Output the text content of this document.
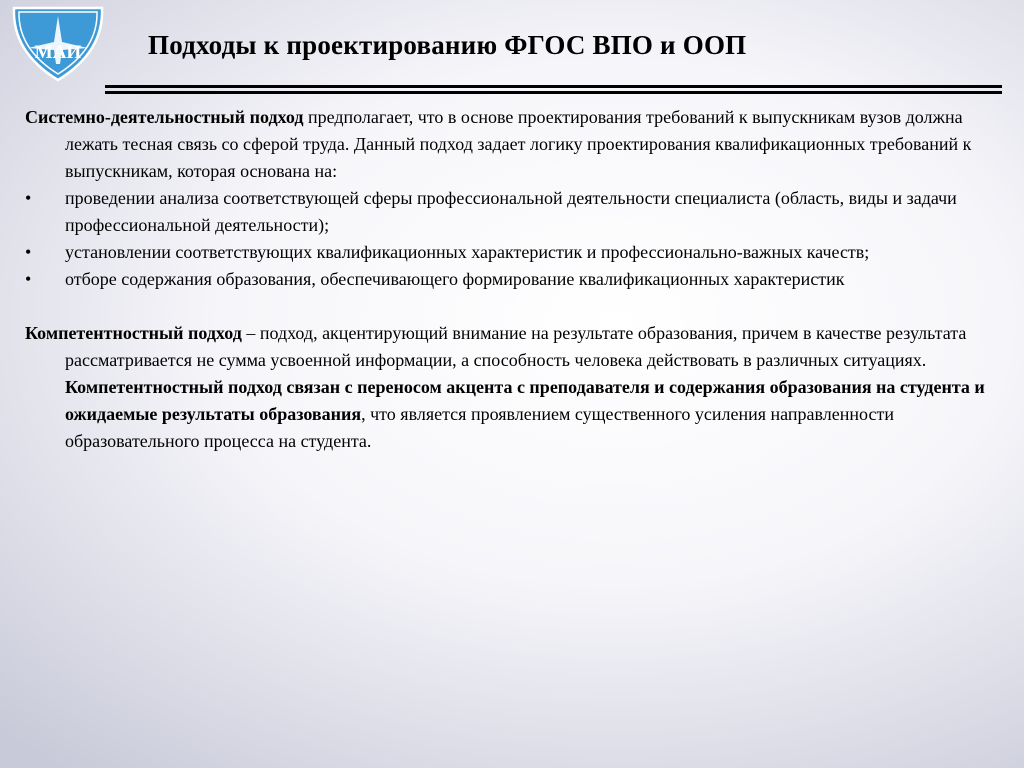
МАИ Подходы к проектированию ФГОС ВПО и ООП

Системно-деятельностный подход предполагает, что в основе проектирования требований к выпускникам вузов должна лежать тесная связь со сферой труда. Данный подход задает логику проектирования квалификационных требований к выпускникам, которая основана на:

•	проведении анализа соответствующей сферы профессиональной деятельности специалиста (область, виды и задачи профессиональной деятельности);
•	установлении соответствующих квалификационных характеристик и профессионально-важных качеств;
•	отборе содержания образования, обеспечивающего формирование квалификационных характеристик

Компетентностный подход – подход, акцентирующий внимание на результате образования, причем в качестве результата рассматривается не сумма усвоенной информации, а способность человека действовать в различных ситуациях. Компетентностный подход связан с переносом акцента с преподавателя и содержания образования на студента и ожидаемые результаты образования, что является проявлением существенного усиления направленности образовательного процесса на студента.
